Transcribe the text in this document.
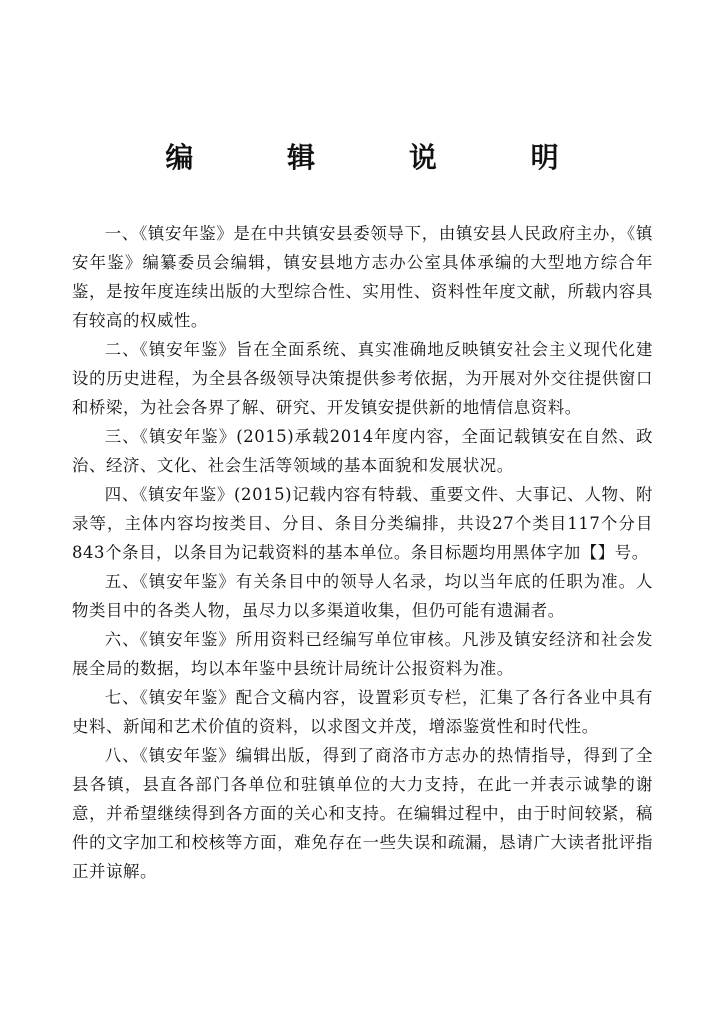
编 辑 说 明

一、《镇安年鉴》是在中共镇安县委领导下，由镇安县人民政府主办，《镇安年鉴》编纂委员会编辑，镇安县地方志办公室具体承编的大型地方综合年鉴，是按年度连续出版的大型综合性、实用性、资料性年度文献，所载内容具有较高的权威性。

二、《镇安年鉴》旨在全面系统、真实准确地反映镇安社会主义现代化建设的历史进程，为全县各级领导决策提供参考依据，为开展对外交往提供窗口和桥梁，为社会各界了解、研究、开发镇安提供新的地情信息资料。

三、《镇安年鉴》(2015)承载2014年度内容，全面记载镇安在自然、政治、经济、文化、社会生活等领域的基本面貌和发展状况。

四、《镇安年鉴》(2015)记载内容有特载、重要文件、大事记、人物、附录等，主体内容均按类目、分目、条目分类编排，共设27个类目117个分目843个条目，以条目为记载资料的基本单位。条目标题均用黑体字加【】号。

五、《镇安年鉴》有关条目中的领导人名录，均以当年底的任职为准。人物类目中的各类人物，虽尽力以多渠道收集，但仍可能有遗漏者。

六、《镇安年鉴》所用资料已经编写单位审核。凡涉及镇安经济和社会发展全局的数据，均以本年鉴中县统计局统计公报资料为准。

七、《镇安年鉴》配合文稿内容，设置彩页专栏，汇集了各行各业中具有史料、新闻和艺术价值的资料，以求图文并茂，增添鉴赏性和时代性。

八、《镇安年鉴》编辑出版，得到了商洛市方志办的热情指导，得到了全县各镇，县直各部门各单位和驻镇单位的大力支持，在此一并表示诚挚的谢意，并希望继续得到各方面的关心和支持。在编辑过程中，由于时间较紧，稿件的文字加工和校核等方面，难免存在一些失误和疏漏，恳请广大读者批评指正并谅解。
